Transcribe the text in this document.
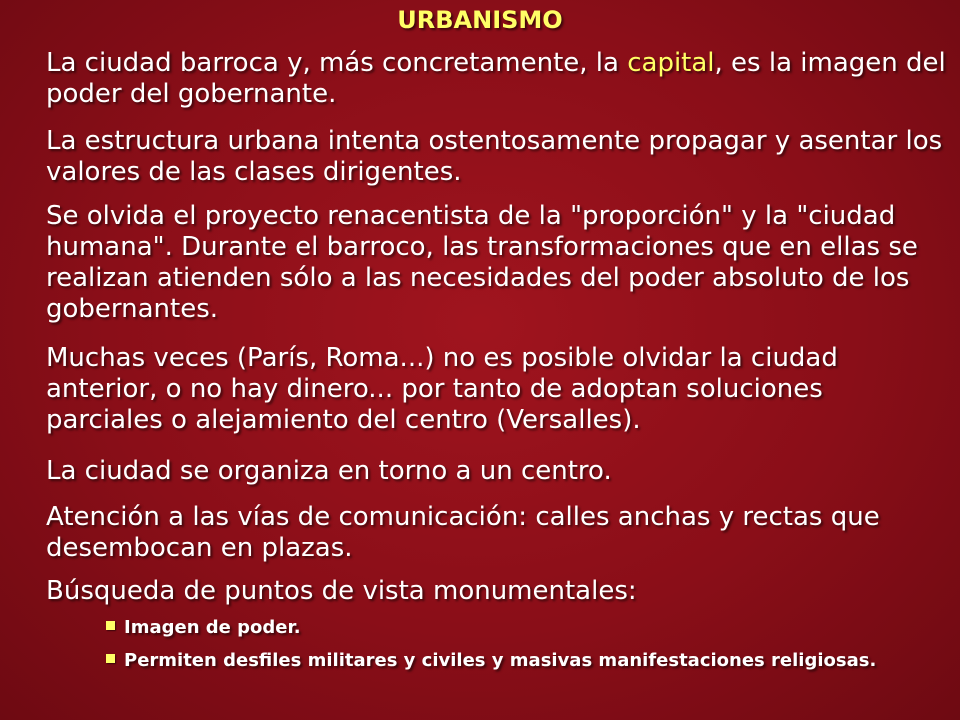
URBANISMO
La ciudad barroca y, más concretamente, la capital, es la imagen del poder del gobernante.
La estructura urbana intenta ostentosamente propagar y asentar los valores de las clases dirigentes.
Se olvida el proyecto renacentista de la "proporción" y la "ciudad humana". Durante el barroco, las transformaciones que en ellas se realizan atienden sólo a las necesidades del poder absoluto de los gobernantes.
Muchas veces (París, Roma...) no es posible olvidar la ciudad anterior, o no hay dinero... por tanto de adoptan soluciones parciales o alejamiento del centro (Versalles).
La ciudad se organiza en torno a un centro.
Atención a las vías de comunicación: calles anchas y rectas que desembocan en plazas.
Búsqueda de puntos de vista monumentales:
Imagen de poder.
Permiten desfiles militares y civiles y masivas manifestaciones religiosas.
